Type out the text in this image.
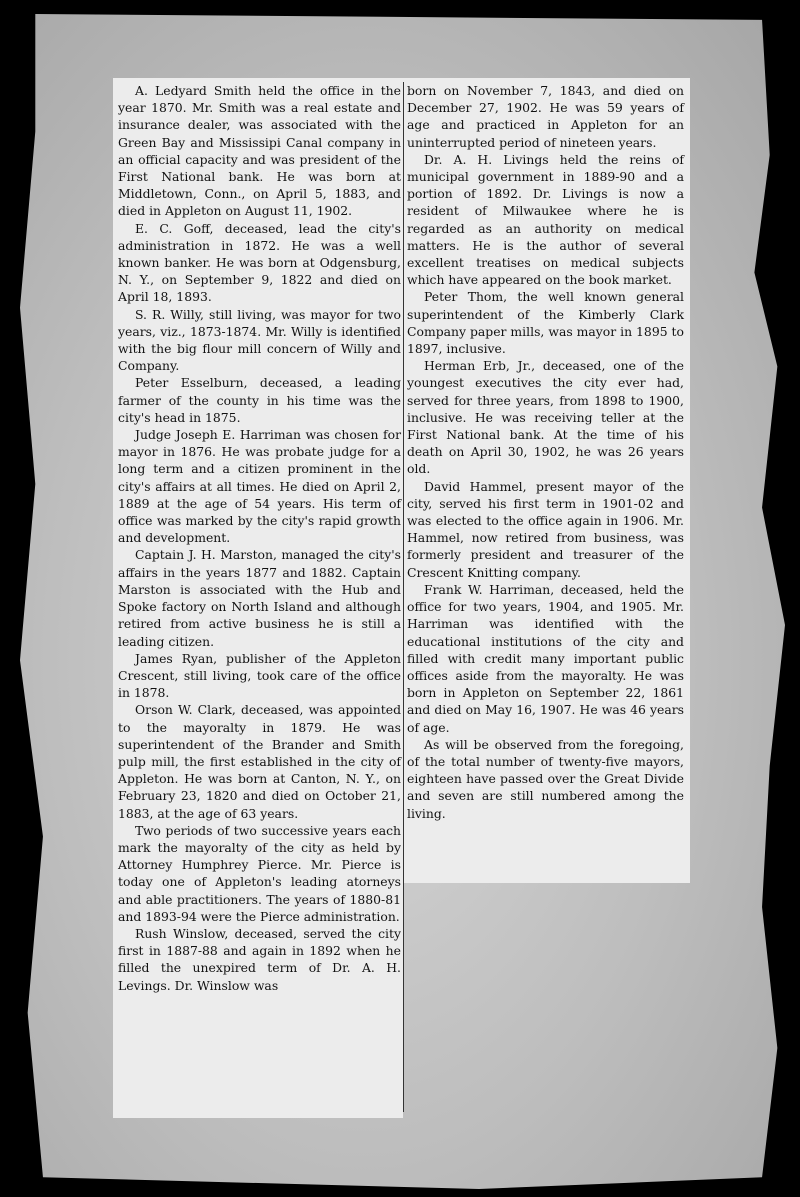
A. Ledyard Smith held the office in the year 1870. Mr. Smith was a real estate and insurance dealer, was associated with the Green Bay and Mississipi Canal company in an official capacity and was president of the First National bank. He was born at Middletown, Conn., on April 5, 1883, and died in Appleton on August 11, 1902.

E. C. Goff, deceased, lead the city's administration in 1872. He was a well known banker. He was born at Odgensburg, N. Y., on September 9, 1822 and died on April 18, 1893.

S. R. Willy, still living, was mayor for two years, viz., 1873-1874. Mr. Willy is identified with the big flour mill concern of Willy and Company.

Peter Esselburn, deceased, a leading farmer of the county in his time was the city's head in 1875.

Judge Joseph E. Harriman was chosen for mayor in 1876. He was probate judge for a long term and a citizen prominent in the city's affairs at all times. He died on April 2, 1889 at the age of 54 years. His term of office was marked by the city's rapid growth and development.

Captain J. H. Marston, managed the city's affairs in the years 1877 and 1882. Captain Marston is associated with the Hub and Spoke factory on North Island and although retired from active business he is still a leading citizen.

James Ryan, publisher of the Appleton Crescent, still living, took care of the office in 1878.

Orson W. Clark, deceased, was appointed to the mayoralty in 1879. He was superintendent of the Brander and Smith pulp mill, the first established in the city of Appleton. He was born at Canton, N. Y., on February 23, 1820 and died on October 21, 1883, at the age of 63 years.

Two periods of two successive years each mark the mayoralty of the city as held by Attorney Humphrey Pierce. Mr. Pierce is today one of Appleton's leading atorneys and able practitioners. The years of 1880-81 and 1893-94 were the Pierce administration.

Rush Winslow, deceased, served the city first in 1887-88 and again in 1892 when he filled the unexpired term of Dr. A. H. Levings. Dr. Winslow was

born on November 7, 1843, and died on December 27, 1902. He was 59 years of age and practiced in Appleton for an uninterrupted period of nineteen years.

Dr. A. H. Livings held the reins of municipal government in 1889-90 and a portion of 1892. Dr. Livings is now a resident of Milwaukee where he is regarded as an authority on medical matters. He is the author of several excellent treatises on medical subjects which have appeared on the book market.

Peter Thom, the well known general superintendent of the Kimberly Clark Company paper mills, was mayor in 1895 to 1897, inclusive.

Herman Erb, Jr., deceased, one of the youngest executives the city ever had, served for three years, from 1898 to 1900, inclusive. He was receiving teller at the First National bank. At the time of his death on April 30, 1902, he was 26 years old.

David Hammel, present mayor of the city, served his first term in 1901-02 and was elected to the office again in 1906. Mr. Hammel, now retired from business, was formerly president and treasurer of the Crescent Knitting company.

Frank W. Harriman, deceased, held the office for two years, 1904, and 1905. Mr. Harriman was identified with the educational institutions of the city and filled with credit many important public offices aside from the mayoralty. He was born in Appleton on September 22, 1861 and died on May 16, 1907. He was 46 years of age.

As will be observed from the foregoing, of the total number of twenty-five mayors, eighteen have passed over the Great Divide and seven are still numbered among the living.
